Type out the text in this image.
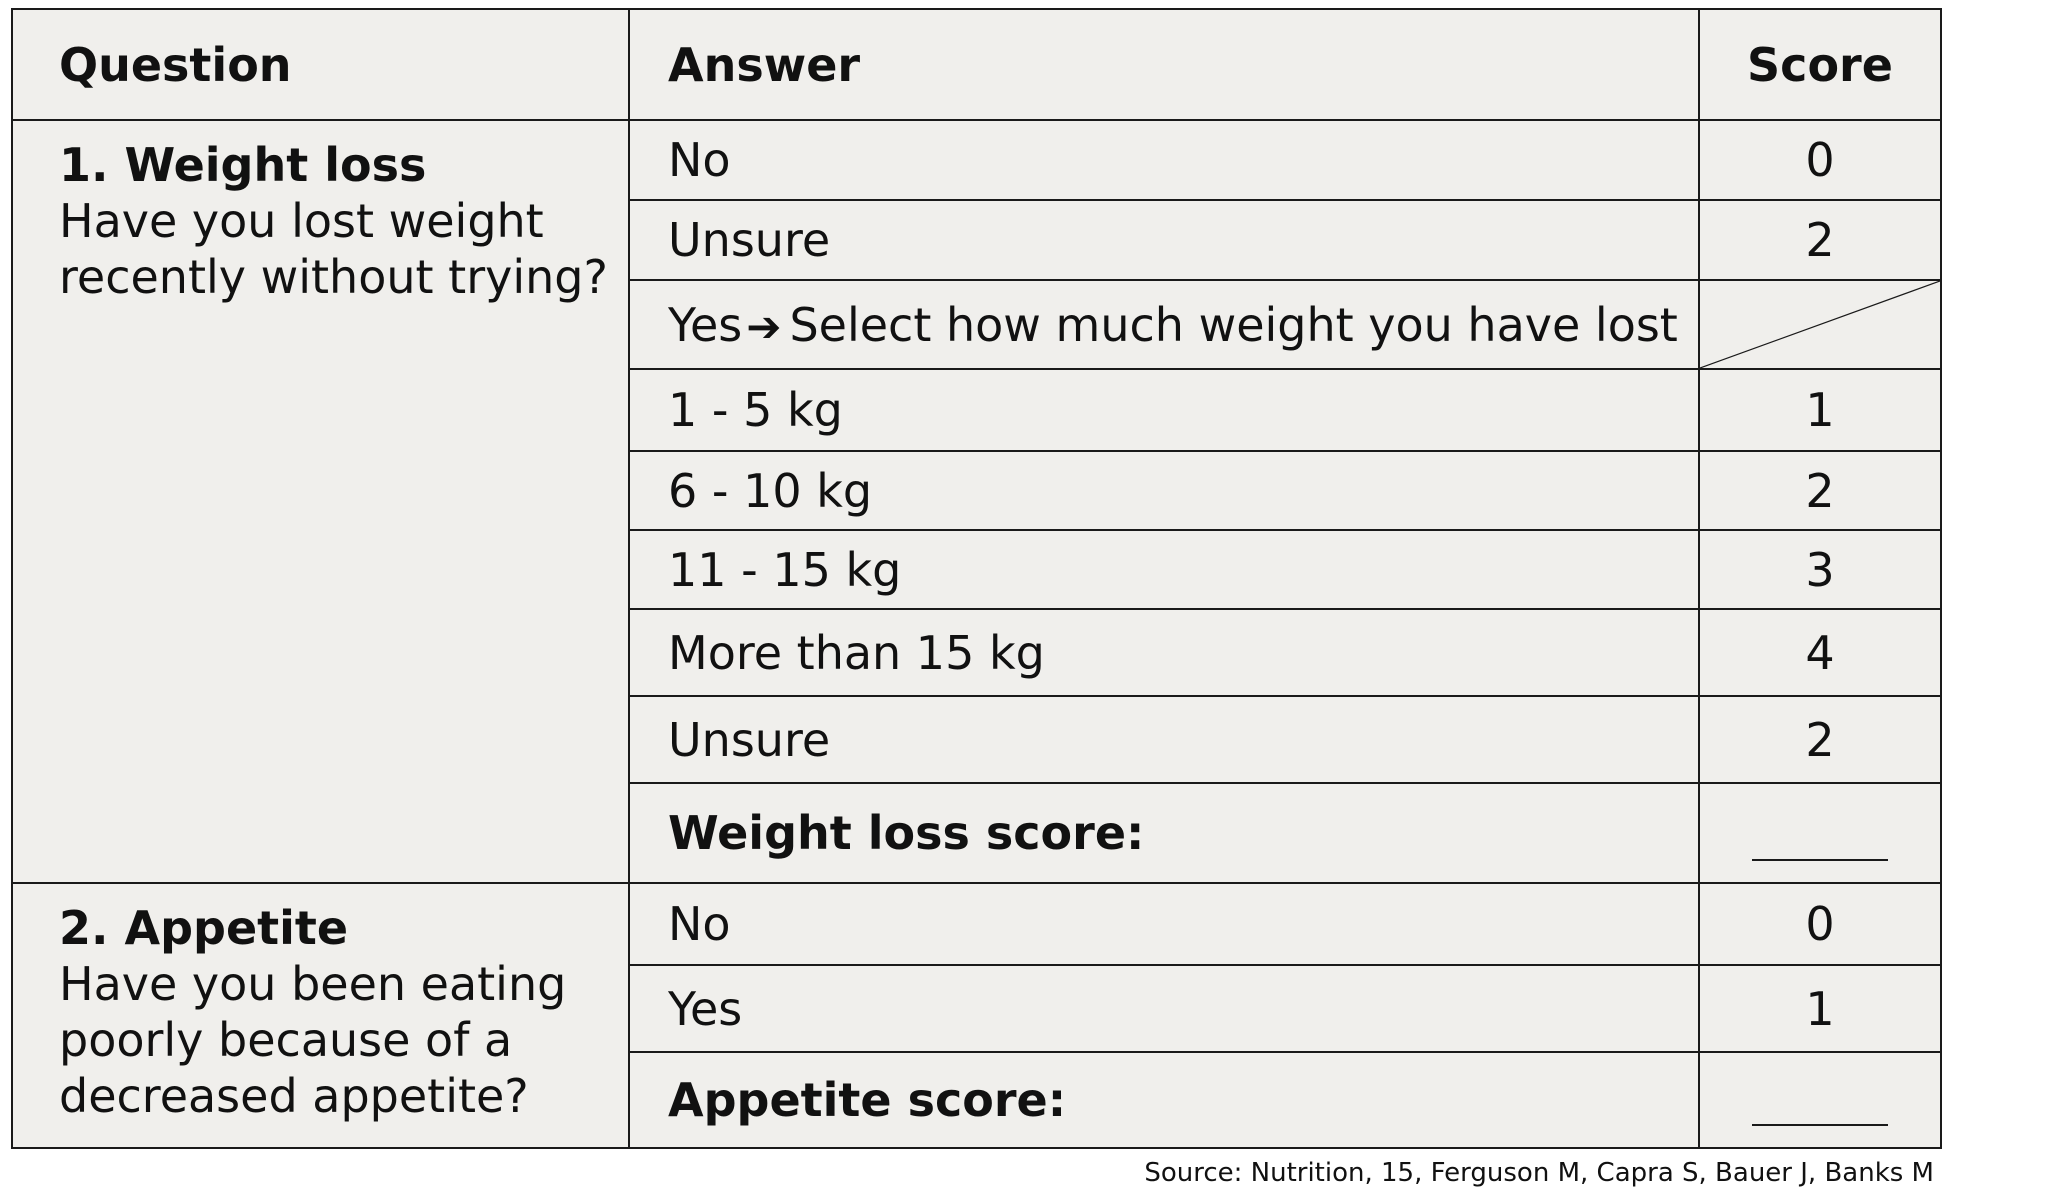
Question	Answer	Score

1. Weight loss
Have you lost weight recently without trying?	No	0
	Unsure	2
	Yes➔ Select how much weight you have lost	

	1 - 5 kg	1
	6 - 10 kg	2
	11 - 15 kg	3
	More than 15 kg	4
	Unsure	2
	Weight loss score:	

2. Appetite
Have you been eating poorly because of a decreased appetite?	No	0
	Yes	1
	Appetite score:	
Source: Nutrition, 15, Ferguson M, Capra S, Bauer J, Banks M
